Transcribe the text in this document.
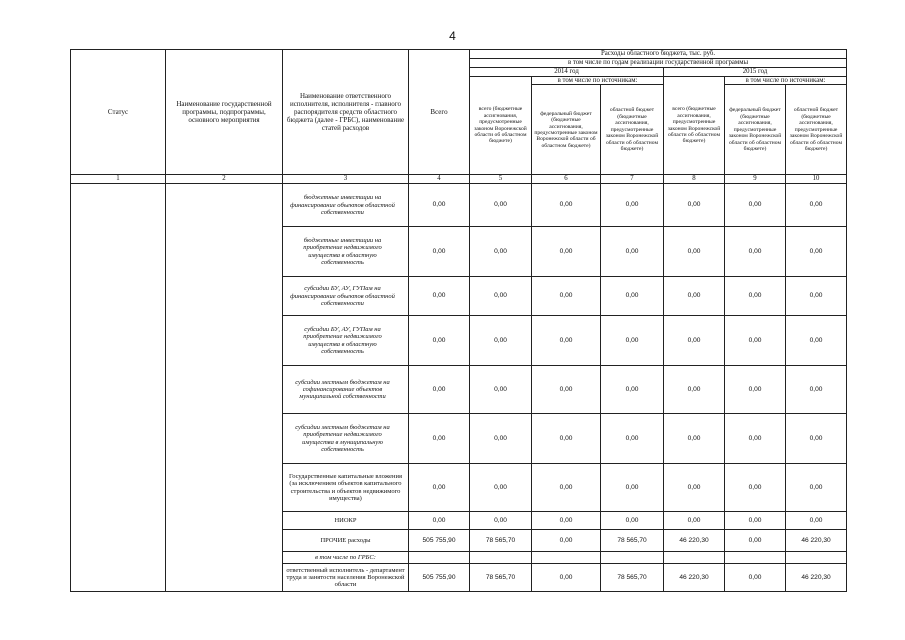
4
Статус	Наименование государственной программы, подпрограммы, основного мероприятия	Наименование ответственного исполнителя, исполнителя - главного распорядителя средств областного бюджета (далее - ГРБС), наименование статей расходов	Всего	Расходы областного бюджета, тыс. руб.					
				в том числе по годам реализации государственной программы					
				2014 год			2015 год		
				всего (бюджетные ассигнования, предусмотренные законом Воронежской области об областном бюджете)	в том числе по источникам:		всего (бюджетные ассигнования, предусмотренные законом Воронежской области об областном бюджете)	в том числе по источникам:	
					федеральный бюджет (бюджетные ассигнования, предусмотренные законом Воронежской области об областном бюджете)	областной бюджет (бюджетные ассигнования, предусмотренные законом Воронежской области об областном бюджете)		федеральный бюджет (бюджетные ассигнования, предусмотренные законом Воронежской области об областном бюджете)	областной бюджет (бюджетные ассигнования, предусмотренные законом Воронежской области об областном бюджете)

1	2	3	4	5	6	7	8	9	10
		бюджетные инвестиции на финансирование объектов областной собственности	0,00	0,00	0,00	0,00	0,00	0,00	0,00
		бюджетные инвестиции на приобретение недвижимого имущества в областную собственность	0,00	0,00	0,00	0,00	0,00	0,00	0,00
		субсидии БУ, АУ, ГУПам на финансирование объектов областной собственности	0,00	0,00	0,00	0,00	0,00	0,00	0,00
		субсидии БУ, АУ, ГУПам на приобретение недвижимого имущества в областную собственность	0,00	0,00	0,00	0,00	0,00	0,00	0,00
		субсидии местным бюджетам на софинансирование объектов муниципальной собственности	0,00	0,00	0,00	0,00	0,00	0,00	0,00
		субсидии местным бюджетам на приобретение недвижимого имущества в муниципальную собственность	0,00	0,00	0,00	0,00	0,00	0,00	0,00
		Государственные капитальные вложения (за исключением объектов капитального строительства и объектов недвижимого имущества)	0,00	0,00	0,00	0,00	0,00	0,00	0,00
		НИОКР	0,00	0,00	0,00	0,00	0,00	0,00	0,00
		ПРОЧИЕ расходы	505 755,90	78 565,70	0,00	78 565,70	46 220,30	0,00	46 220,30
		в том числе по ГРБС:							
		ответственный исполнитель - департамент труда и занятости населения Воронежской области	505 755,90	78 565,70	0,00	78 565,70	46 220,30	0,00	46 220,30
